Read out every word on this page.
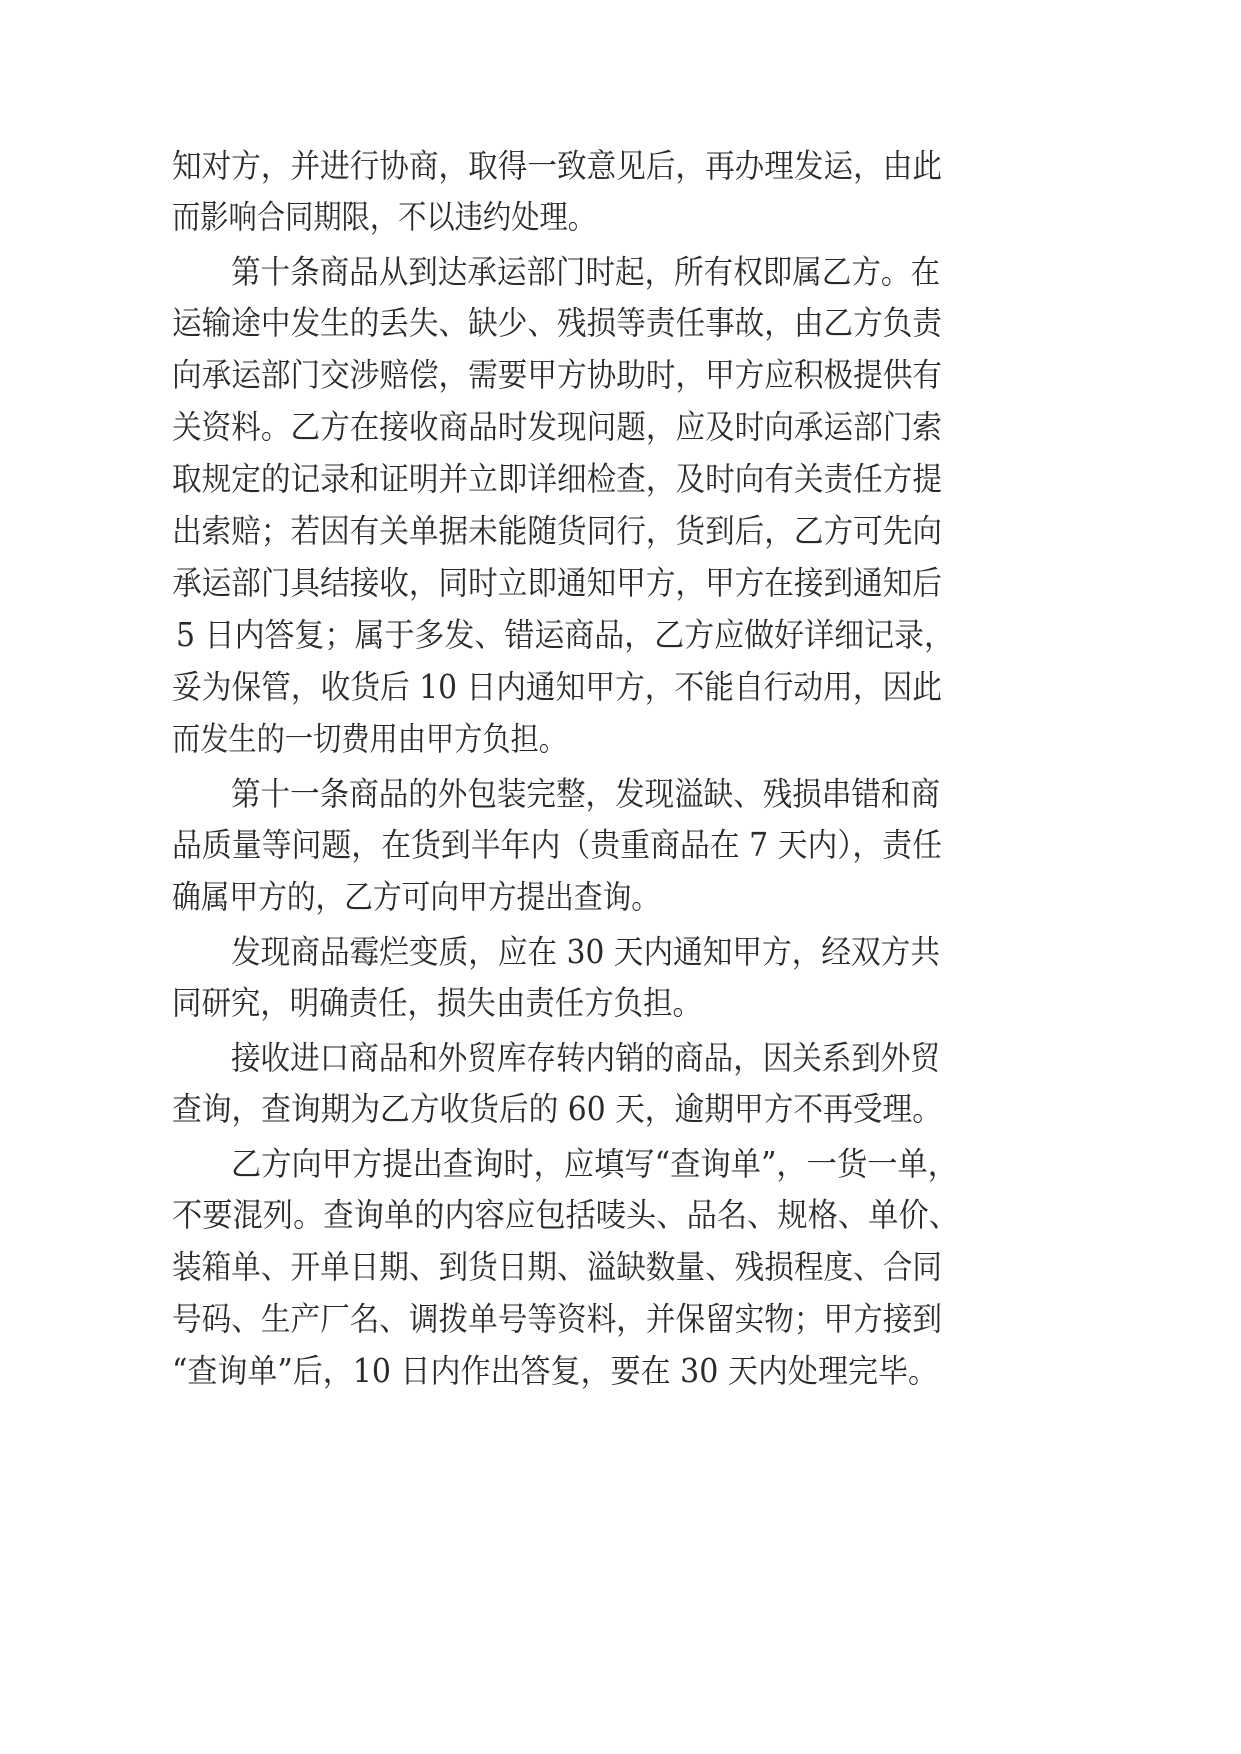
知对方，并进行协商，取得一致意见后，再办理发运，由此

而影响合同期限，不以违约处理。

第十条商品从到达承运部门时起，所有权即属乙方。在

运输途中发生的丢失、缺少、残损等责任事故，由乙方负责

向承运部门交涉赔偿，需要甲方协助时，甲方应积极提供有

关资料。乙方在接收商品时发现问题，应及时向承运部门索

取规定的记录和证明并立即详细检查，及时向有关责任方提

出索赔；若因有关单据未能随货同行，货到后，乙方可先向

承运部门具结接收，同时立即通知甲方，甲方在接到通知后

5 日内答复；属于多发、错运商品，乙方应做好详细记录，

妥为保管，收货后 10 日内通知甲方，不能自行动用，因此

而发生的一切费用由甲方负担。

第十一条商品的外包装完整，发现溢缺、残损串错和商

品质量等问题，在货到半年内（贵重商品在 7 天内），责任

确属甲方的，乙方可向甲方提出查询。

发现商品霉烂变质，应在 30 天内通知甲方，经双方共

同研究，明确责任，损失由责任方负担。

接收进口商品和外贸库存转内销的商品，因关系到外贸

查询，查询期为乙方收货后的 60 天，逾期甲方不再受理。

乙方向甲方提出查询时，应填写“查询单”，一货一单，

不要混列。查询单的内容应包括唛头、品名、规格、单价、

装箱单、开单日期、到货日期、溢缺数量、残损程度、合同

号码、生产厂名、调拨单号等资料，并保留实物；甲方接到

“查询单”后，10 日内作出答复，要在 30 天内处理完毕。
